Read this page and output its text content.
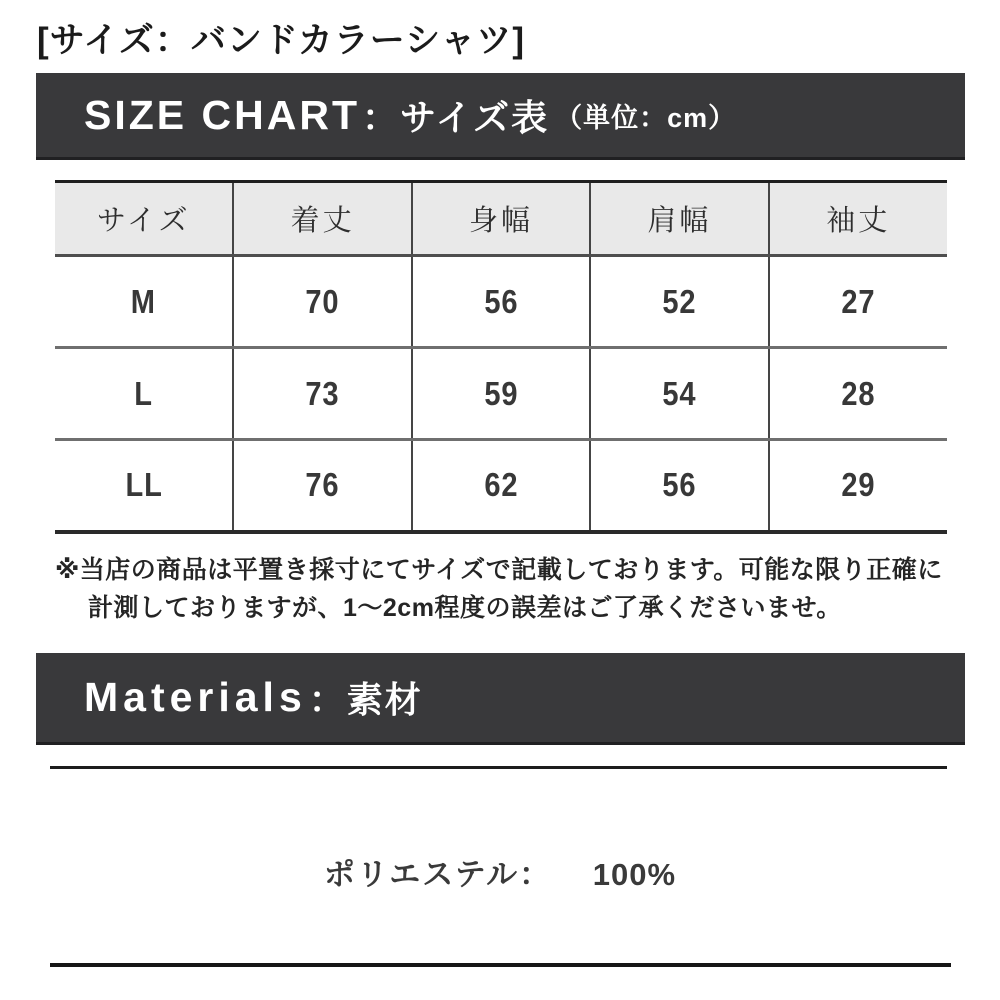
[サイズ：バンドカラーシャツ]
SIZE CHART ： サイズ表 （単位：cm）
サイズ	着丈	身幅	肩幅	袖丈
M	70	56	52	27
L	73	59	54	28
LL	76	62	56	29
※当店の商品は平置き採寸にてサイズで記載しております。可能な限り正確に
計測しておりますが、1〜2cm程度の誤差はご了承くださいませ。
Materials ： 素材
ポリエステル： 100%
